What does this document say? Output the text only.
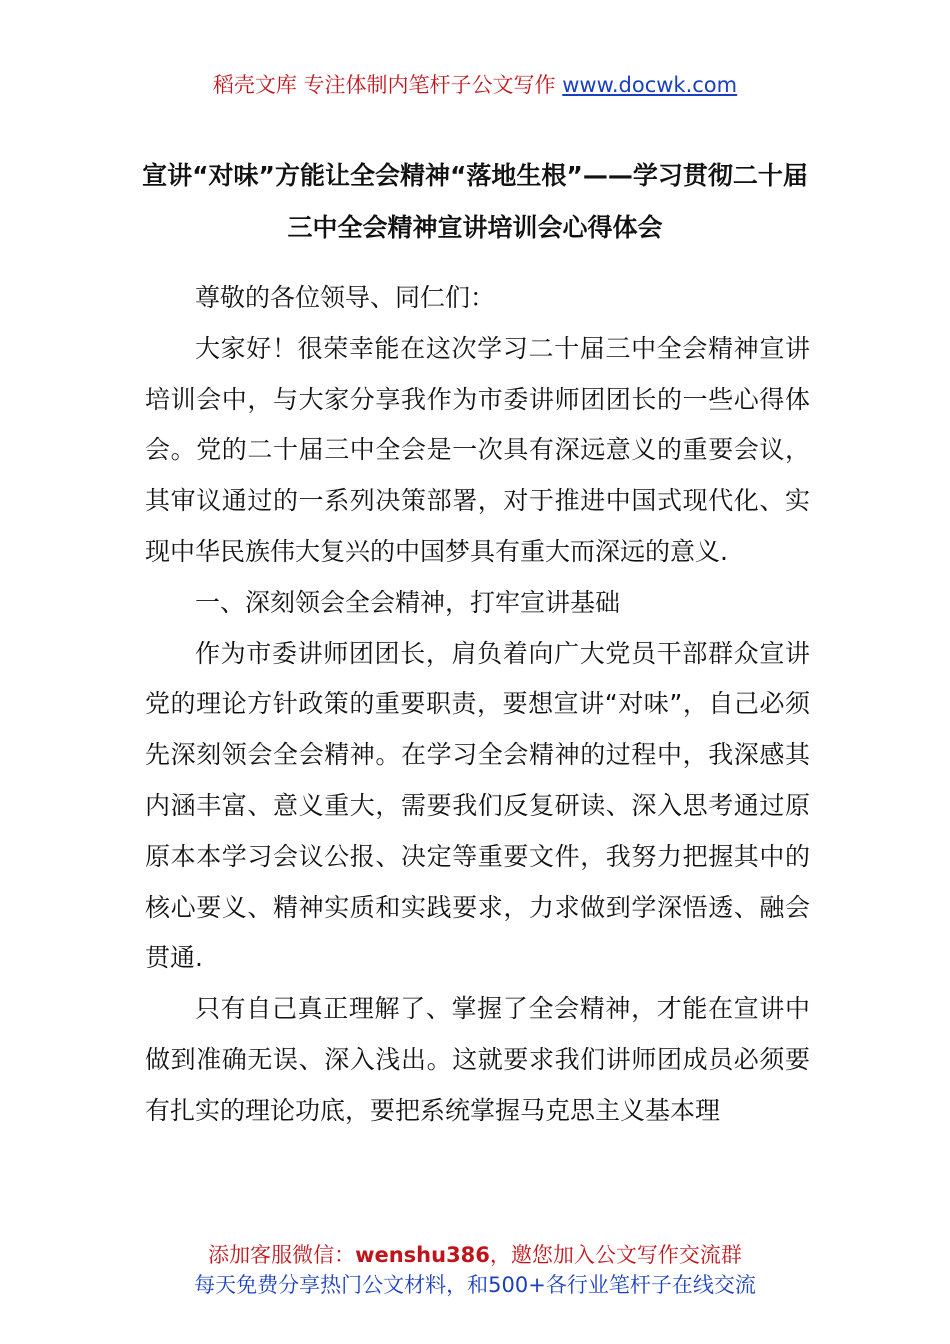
稻壳文库 专注体制内笔杆子公文写作 www.docwk.com
宣讲“对味”方能让全会精神“落地生根”——学习贯彻二十届
三中全会精神宣讲培训会心得体会

尊敬的各位领导、同仁们：

大家好！很荣幸能在这次学习二十届三中全会精神宣讲培训会中，与大家分享我作为市委讲师团团长的一些心得体会。党的二十届三中全会是一次具有深远意义的重要会议，其审议通过的一系列决策部署，对于推进中国式现代化、实现中华民族伟大复兴的中国梦具有重大而深远的意义.

一、深刻领会全会精神，打牢宣讲基础

作为市委讲师团团长，肩负着向广大党员干部群众宣讲党的理论方针政策的重要职责，要想宣讲“对味”，自己必须先深刻领会全会精神。在学习全会精神的过程中，我深感其内涵丰富、意义重大，需要我们反复研读、深入思考通过原原本本学习会议公报、决定等重要文件，我努力把握其中的核心要义、精神实质和实践要求，力求做到学深悟透、融会贯通.

只有自己真正理解了、掌握了全会精神，才能在宣讲中做到准确无误、深入浅出。这就要求我们讲师团成员必须要有扎实的理论功底，要把系统掌握马克思主义基本理

添加客服微信：wenshu386，邀您加入公文写作交流群
每天免费分享热门公文材料，和500+各行业笔杆子在线交流
